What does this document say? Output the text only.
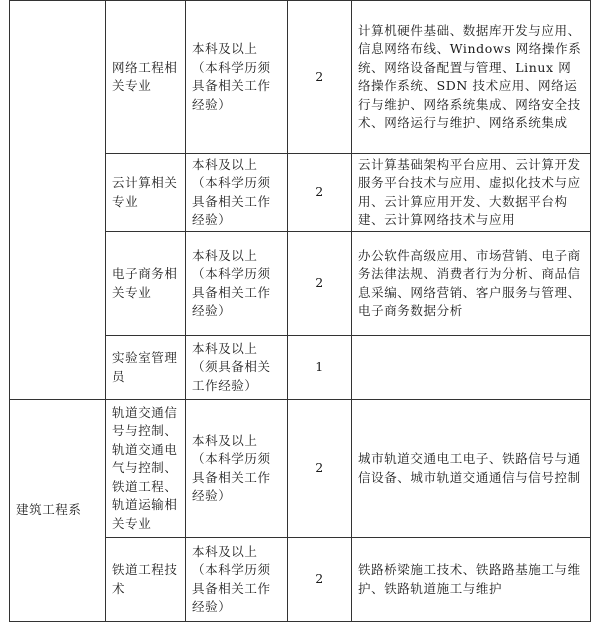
	网络工程相关专业	本科及以上（本科学历须具备相关工作经验）	2	计算机硬件基础、数据库开发与应用、信息网络布线、Windows 网络操作系统、网络设备配置与管理、Linux 网络操作系统、SDN 技术应用、网络运行与维护、网络系统集成、网络安全技术、网络运行与维护、网络系统集成
	云计算相关专业	本科及以上（本科学历须具备相关工作经验）	2	云计算基础架构平台应用、云计算开发服务平台技术与应用、虚拟化技术与应用、云计算应用开发、大数据平台构建、云计算网络技术与应用
	电子商务相关专业	本科及以上（本科学历须具备相关工作经验）	2	办公软件高级应用、市场营销、电子商务法律法规、消费者行为分析、商品信息采编、网络营销、客户服务与管理、电子商务数据分析
	实验室管理员	本科及以上（须具备相关工作经验）	1	
建筑工程系	轨道交通信号与控制、轨道交通电气与控制、铁道工程、轨道运输相关专业	本科及以上（本科学历须具备相关工作经验）	2	城市轨道交通电工电子、铁路信号与通信设备、城市轨道交通通信与信号控制
	铁道工程技术	本科及以上（本科学历须具备相关工作经验）	2	铁路桥梁施工技术、铁路路基施工与维护、铁路轨道施工与维护
